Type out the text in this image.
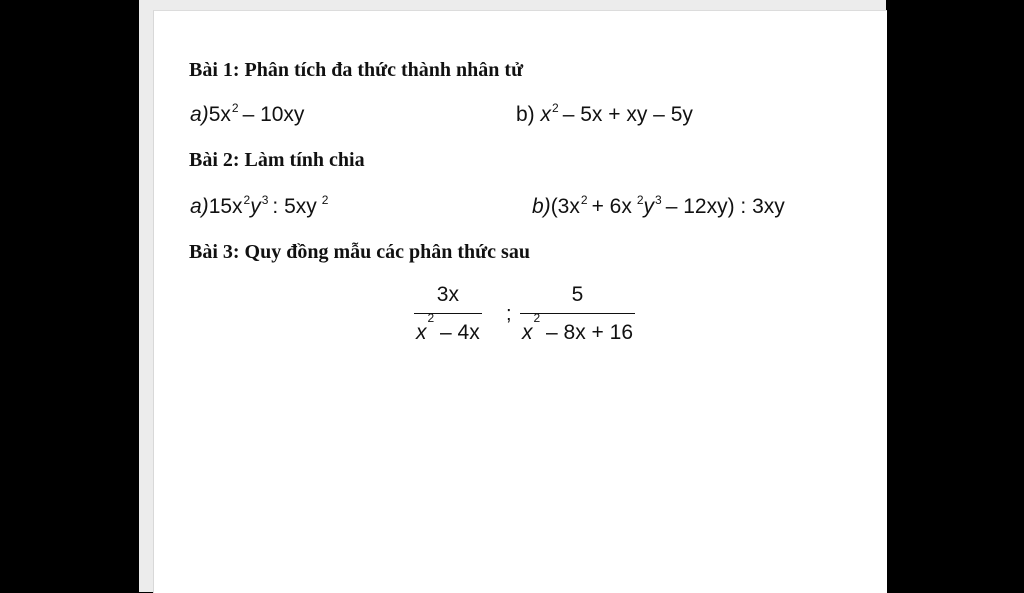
Bài 1: Phân tích đa thức thành nhân tử
$a)5x^2 - 10xy$	b) $x^2 - 5x$ + xy – 5y
Bài 2: Làm tính chia
$a)15x^2y^3$ : 5xy $^2$	$b)(3x^2 + 6x$ $^2y^3 - 12xy$) : 3xy
Bài 3: Quy đồng mẫu các phân thức sau
$\frac{3x}{x^2 - 4x}$ ; $\frac{5}{x^2 - 8x + 16}$
